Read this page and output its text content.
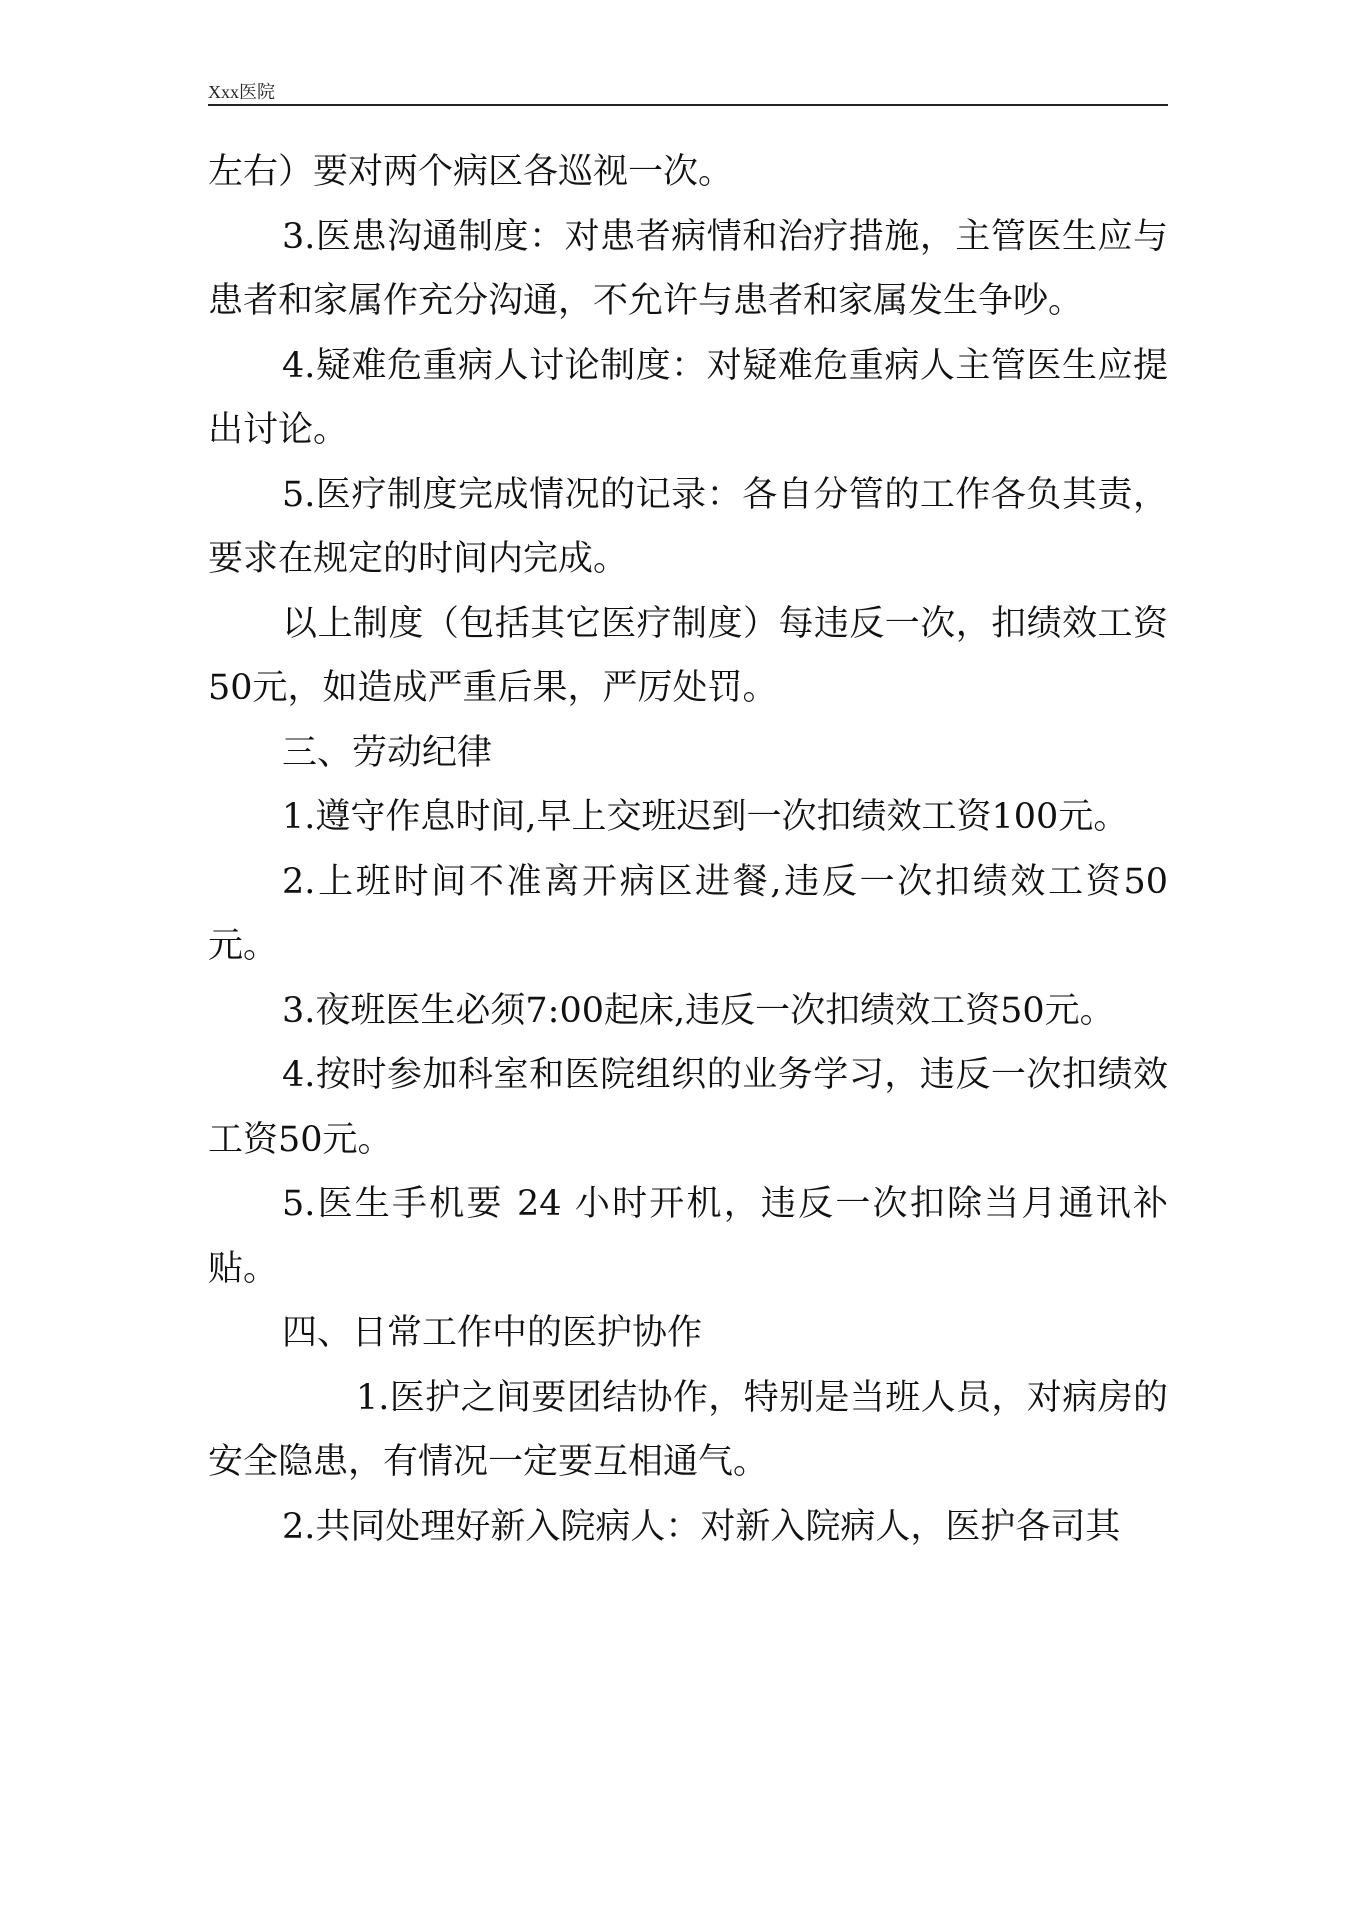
Xxx医院

左右）要对两个病区各巡视一次。

3.医患沟通制度：对患者病情和治疗措施，主管医生应与患者和家属作充分沟通，不允许与患者和家属发生争吵。

4.疑难危重病人讨论制度：对疑难危重病人主管医生应提出讨论。

5.医疗制度完成情况的记录：各自分管的工作各负其责，要求在规定的时间内完成。

以上制度（包括其它医疗制度）每违反一次，扣绩效工资50元，如造成严重后果，严厉处罚。

三、劳动纪律

1.遵守作息时间,早上交班迟到一次扣绩效工资100元。

2.上班时间不准离开病区进餐,违反一次扣绩效工资50元。

3.夜班医生必须7:00起床,违反一次扣绩效工资50元。

4.按时参加科室和医院组织的业务学习，违反一次扣绩效工资50元。

5.医生手机要 24 小时开机，违反一次扣除当月通讯补贴。

四、日常工作中的医护协作

1.医护之间要团结协作，特别是当班人员，对病房的安全隐患，有情况一定要互相通气。

2.共同处理好新入院病人：对新入院病人，医护各司其
